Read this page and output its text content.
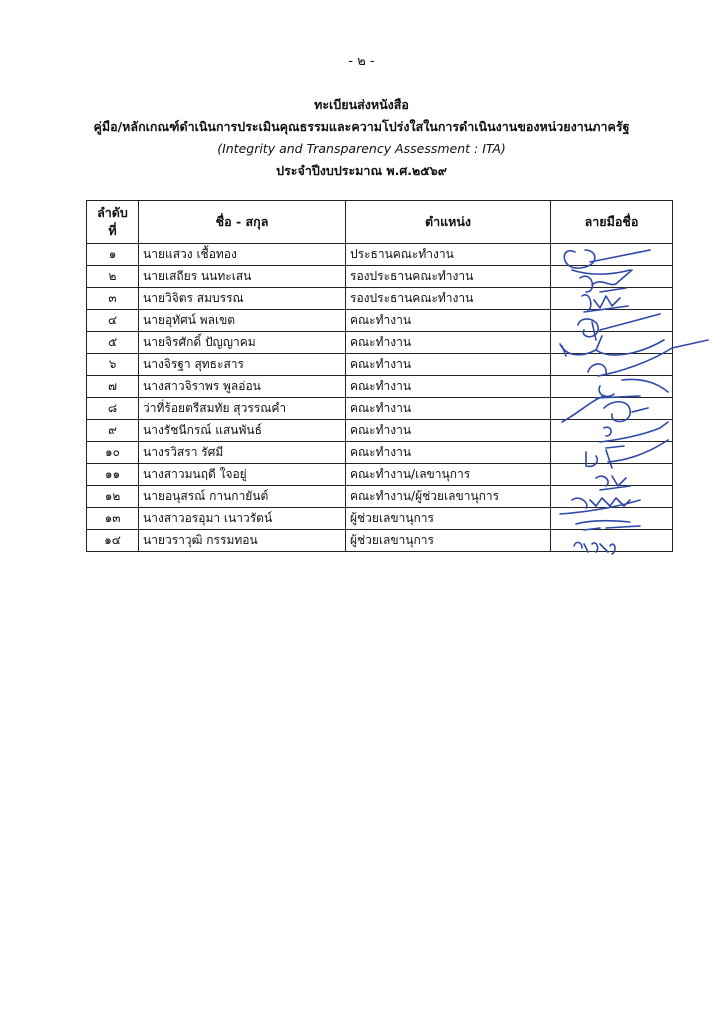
- ๒ -
ทะเบียนส่งหนังสือ
คู่มือ/หลักเกณฑ์ดำเนินการประเมินคุณธรรมและความโปร่งใสในการดำเนินงานของหน่วยงานภาครัฐ
(Integrity and Transparency Assessment : ITA)
ประจำปีงบประมาณ พ.ศ.๒๕๖๙
ลำดับ ที่	ชื่อ - สกุล	ตำแหน่ง	ลายมือชื่อ
๑	นายแสวง เชื้อทอง	ประธานคณะทำงาน	
๒	นายเสถียร นนทะเสน	รองประธานคณะทำงาน	
๓	นายวิจิตร สมบรรณ	รองประธานคณะทำงาน	
๔	นายอุทัศน์ พลเขต	คณะทำงาน	
๕	นายจิรศักดิ์ ปัญญาคม	คณะทำงาน	
๖	นางจิรฐา สุทธะสาร	คณะทำงาน	
๗	นางสาวจิราพร พูลอ่อน	คณะทำงาน	
๘	ว่าที่ร้อยตรีสมทัย สุวรรณคำ	คณะทำงาน	
๙	นางรัชนีกรณ์ แสนพันธ์	คณะทำงาน	
๑๐	นางรวิสรา รัศมี	คณะทำงาน	
๑๑	นางสาวมนฤดี ใจอยู่	คณะทำงาน/เลขานุการ	
๑๒	นายอนุสรณ์ กานกายันต์	คณะทำงาน/ผู้ช่วยเลขานุการ	
๑๓	นางสาวอรอุมา เนาวรัตน์	ผู้ช่วยเลขานุการ	
๑๔	นายวราวุฒิ กรรมทอน	ผู้ช่วยเลขานุการ	
